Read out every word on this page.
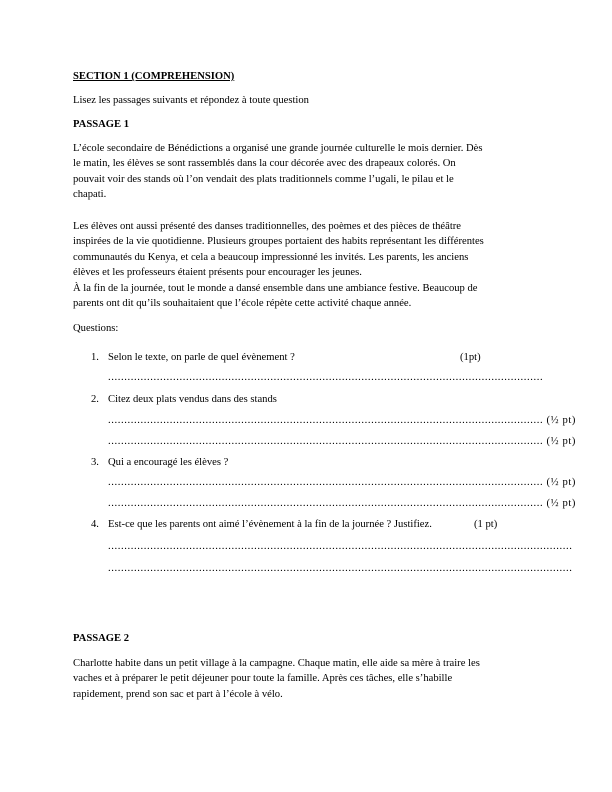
SECTION 1 (COMPREHENSION)
Lisez les passages suivants et répondez à toute question
PASSAGE 1
L’école secondaire de Bénédictions a organisé une grande journée culturelle le mois dernier. Dès
le matin, les élèves se sont rassemblés dans la cour décorée avec des drapeaux colorés. On
pouvait voir des stands où l’on vendait des plats traditionnels comme l’ugali, le pilau et le
chapati.
Les élèves ont aussi présenté des danses traditionnelles, des poèmes et des pièces de théâtre
inspirées de la vie quotidienne. Plusieurs groupes portaient des habits représentant les différentes
communautés du Kenya, et cela a beaucoup impressionné les invités. Les parents, les anciens
élèves et les professeurs étaient présents pour encourager les jeunes.
À la fin de la journée, tout le monde a dansé ensemble dans une ambiance festive. Beaucoup de
parents ont dit qu’ils souhaitaient que l’école répète cette activité chaque année.
Questions:
1. Selon le texte, on parle de quel évènement ?	(1pt)
......................................................................................................................................
2. Citez deux plats vendus dans des stands
...................................................................................................................................... (½ pt)
...................................................................................................................................... (½ pt)
3. Qui a encouragé les élèves ?
...................................................................................................................................... (½ pt)
...................................................................................................................................... (½ pt)
4. Est-ce que les parents ont aimé l’évènement à la fin de la journée ? Justifiez.	(1 pt)
...............................................................................................................................................
...............................................................................................................................................
PASSAGE 2
Charlotte habite dans un petit village à la campagne. Chaque matin, elle aide sa mère à traire les
vaches et à préparer le petit déjeuner pour toute la famille. Après ces tâches, elle s’habille
rapidement, prend son sac et part à l’école à vélo.
